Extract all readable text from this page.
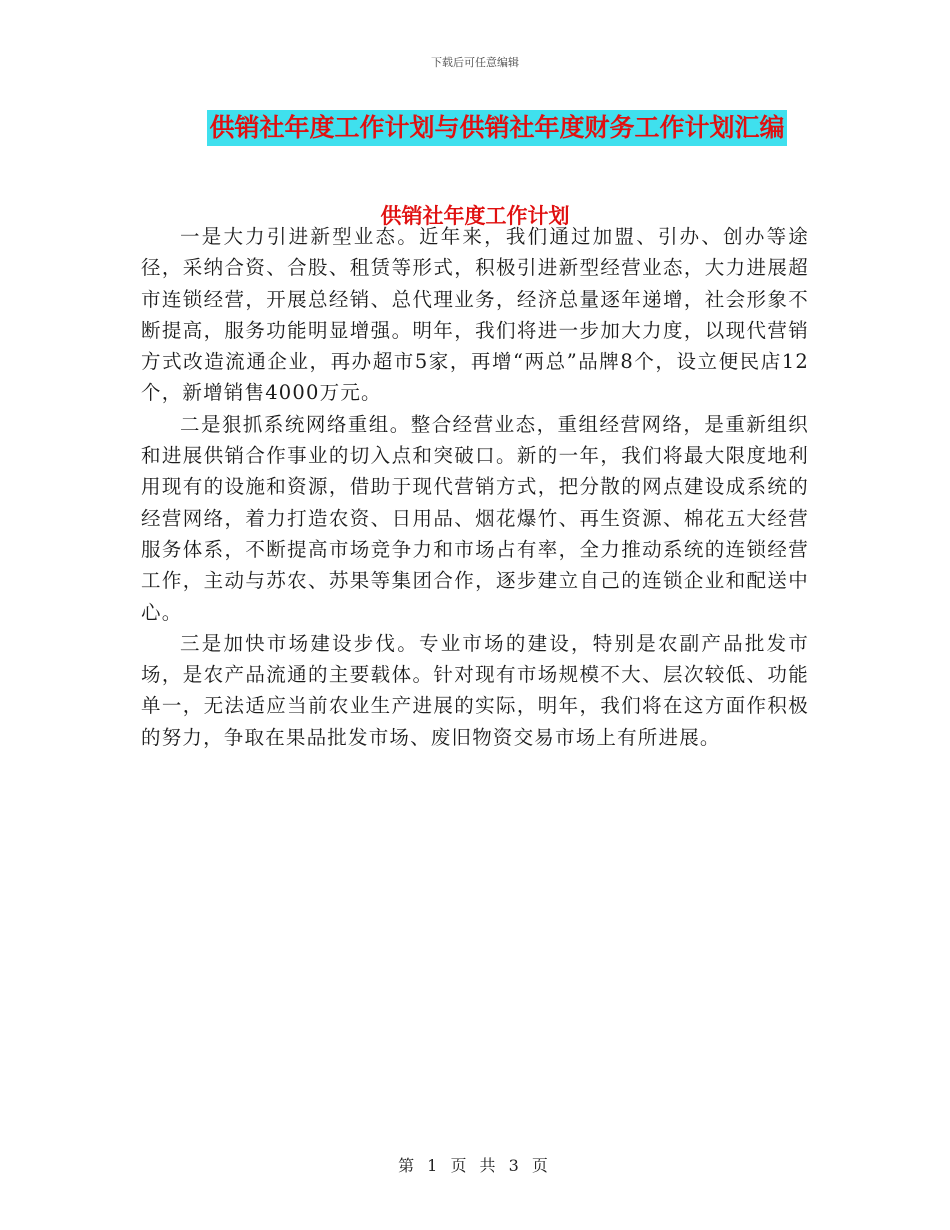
下载后可任意编辑
供销社年度工作计划与供销社年度财务工作计划汇编
供销社年度工作计划

一是大力引进新型业态。近年来，我们通过加盟、引办、创办等途径，采纳合资、合股、租赁等形式，积极引进新型经营业态，大力进展超市连锁经营，开展总经销、总代理业务，经济总量逐年递增，社会形象不断提高，服务功能明显增强。明年，我们将进一步加大力度，以现代营销方式改造流通企业，再办超市5家，再增“两总”品牌8个，设立便民店12个，新增销售4000万元。

二是狠抓系统网络重组。整合经营业态，重组经营网络，是重新组织和进展供销合作事业的切入点和突破口。新的一年，我们将最大限度地利用现有的设施和资源，借助于现代营销方式，把分散的网点建设成系统的经营网络，着力打造农资、日用品、烟花爆竹、再生资源、棉花五大经营服务体系，不断提高市场竞争力和市场占有率，全力推动系统的连锁经营工作，主动与苏农、苏果等集团合作，逐步建立自己的连锁企业和配送中心。

三是加快市场建设步伐。专业市场的建设，特别是农副产品批发市场，是农产品流通的主要载体。针对现有市场规模不大、层次较低、功能单一，无法适应当前农业生产进展的实际，明年，我们将在这方面作积极的努力，争取在果品批发市场、废旧物资交易市场上有所进展。

第 1 页 共 3 页
